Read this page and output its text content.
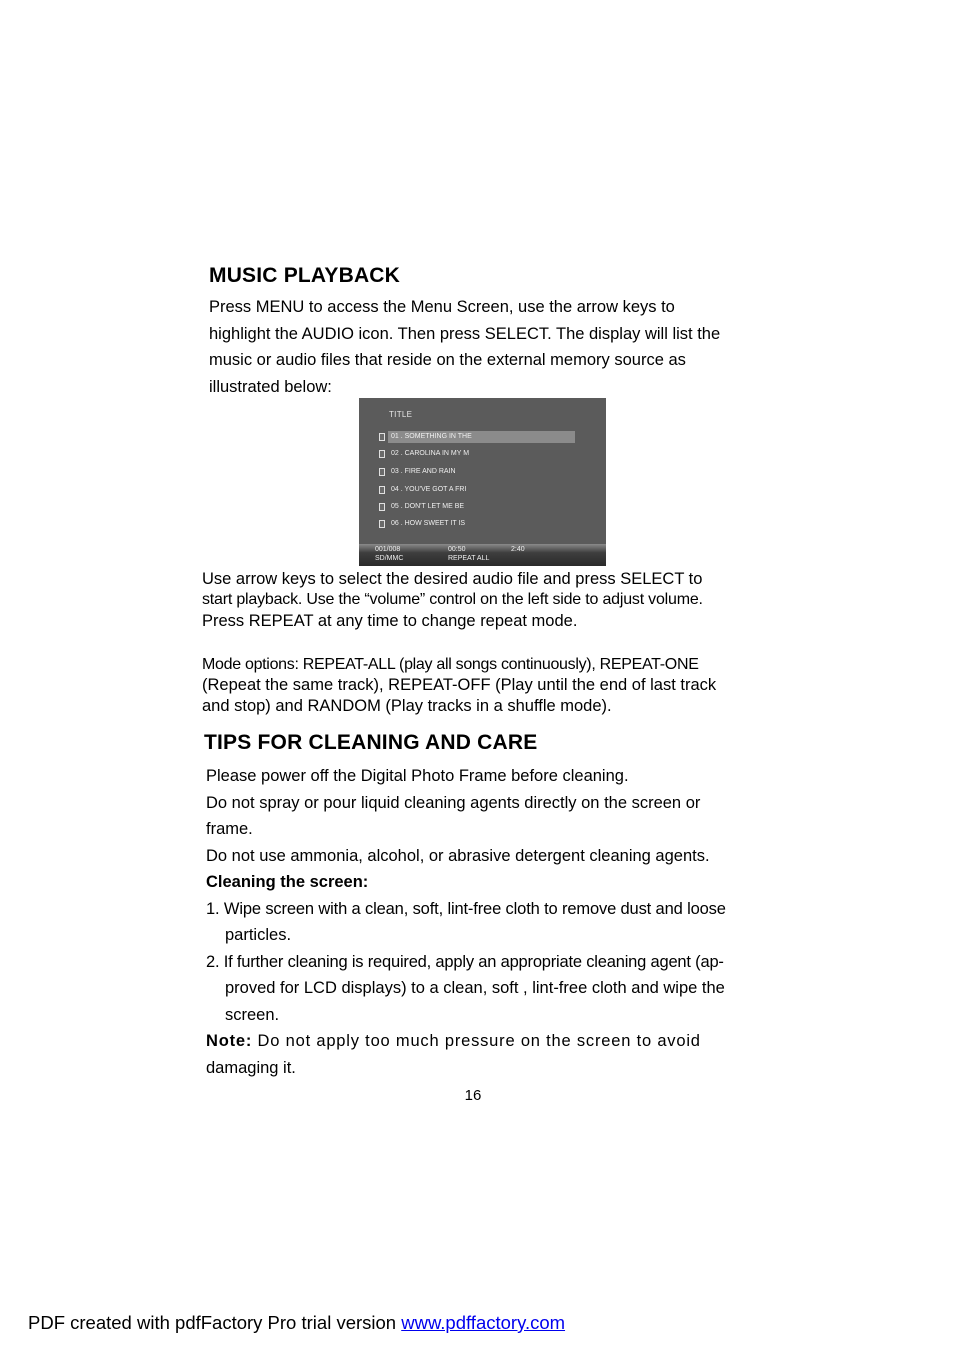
MUSIC PLAYBACK
Press MENU to access the Menu Screen, use the arrow keys to
highlight the AUDIO icon. Then press SELECT. The display will list the
music or audio files that reside on the external memory source as
illustrated below:
TITLE
01 . SOMETHING IN THE
02 . CAROLINA IN MY M
03 . FIRE AND RAIN
04 . YOU'VE GOT A FRI
05 . DON'T LET ME BE
06 . HOW SWEET IT IS
001/008
SD/MMC
00:50
REPEAT ALL
2:40
Use arrow keys to select the desired audio file and press SELECT to
start playback. Use the “volume” control on the left side to adjust volume.
Press REPEAT at any time to change repeat mode.
Mode options: REPEAT-ALL (play all songs continuously), REPEAT-ONE
(Repeat the same track), REPEAT-OFF (Play until the end of last track
and stop) and RANDOM (Play tracks in a shuffle mode).
TIPS FOR CLEANING AND CARE
Please power off the Digital Photo Frame before cleaning.
Do not spray or pour liquid cleaning agents directly on the screen or
frame.
Do not use ammonia, alcohol, or abrasive detergent cleaning agents.
Cleaning the screen:
1. Wipe screen with a clean, soft, lint-free cloth to remove dust and loose
particles.
2. If further cleaning is required, apply an appropriate cleaning agent (ap-
proved for LCD displays) to a clean, soft , lint-free cloth and wipe the
screen.
Note: Do not apply too much pressure on the screen to avoid
damaging it.
16
PDF created with pdfFactory Pro trial version www.pdffactory.com
